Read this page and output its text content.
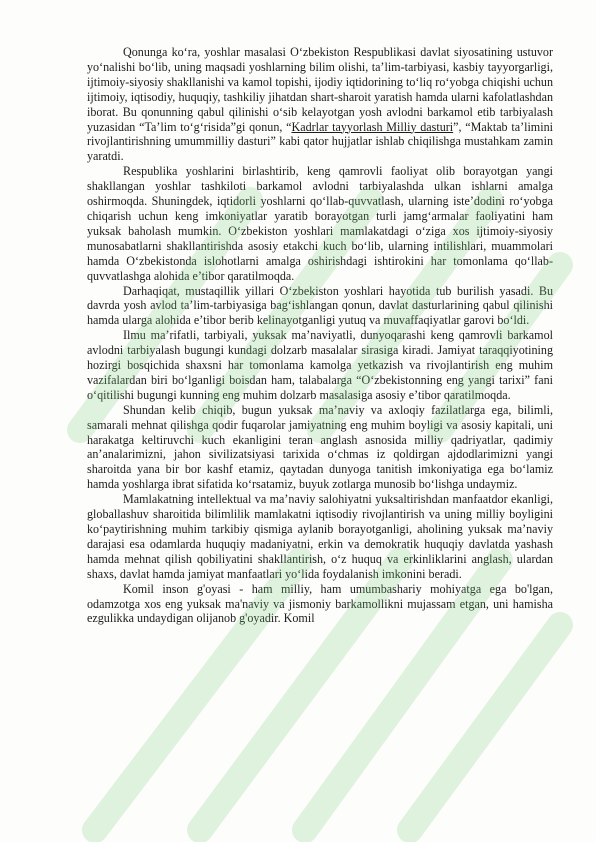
Qonunga ko‘ra, yoshlar masalasi O‘zbekiston Respublikasi davlat siyosatining ustuvor yo‘nalishi bo‘lib, uning maqsadi yoshlarning bilim olishi, ta’lim-tarbiyasi, kasbiy tayyorgarligi, ijtimoiy-siyosiy shakllanishi va kamol topishi, ijodiy iqtidorining to‘liq ro‘yobga chiqishi uchun ijtimoiy, iqtisodiy, huquqiy, tashkiliy jihatdan shart-sharoit yaratish hamda ularni kafolatlashdan iborat. Bu qonunning qabul qilinishi o‘sib kelayotgan yosh avlodni barkamol etib tarbiyalash yuzasidan “Ta’lim to‘g‘risida”gi qonun, “Kadrlar tayyorlash Milliy dasturi”, “Maktab ta’limini rivojlantirishning umummilliy dasturi” kabi qator hujjatlar ishlab chiqilishga mustahkam zamin yaratdi.

Respublika yoshlarini birlashtirib, keng qamrovli faoliyat olib borayotgan yangi shakllangan yoshlar tashkiloti barkamol avlodni tarbiyalashda ulkan ishlarni amalga oshirmoqda. Shuningdek, iqtidorli yoshlarni qo‘llab-quvvatlash, ularning iste’dodini ro‘yobga chiqarish uchun keng imkoniyatlar yaratib borayotgan turli jamg‘armalar faoliyatini ham yuksak baholash mumkin. O‘zbekiston yoshlari mamlakatdagi o‘ziga xos ijtimoiy-siyosiy munosabatlarni shakllantirishda asosiy etakchi kuch bo‘lib, ularning intilishlari, muammolari hamda O‘zbekistonda islohotlarni amalga oshirishdagi ishtirokini har tomonlama qo‘llab-quvvatlashga alohida e’tibor qaratilmoqda.

Darhaqiqat, mustaqillik yillari O‘zbekiston yoshlari hayotida tub burilish yasadi. Bu davrda yosh avlod ta’lim-tarbiyasiga bag‘ishlangan qonun, davlat dasturlarining qabul qilinishi hamda ularga alohida e’tibor berib kelinayotganligi yutuq va muvaffaqiyatlar garovi bo‘ldi.

Ilmu ma’rifatli, tarbiyali, yuksak ma’naviyatli, dunyoqarashi keng qamrovli barkamol avlodni tarbiyalash bugungi kundagi dolzarb masalalar sirasiga kiradi. Jamiyat taraqqiyotining hozirgi bosqichida shaxsni har tomonlama kamolga yetkazish va rivojlantirish eng muhim vazifalardan biri bo‘lganligi boisdan ham, talabalarga “O‘zbekistonning eng yangi tarixi” fani o‘qitilishi bugungi kunning eng muhim dolzarb masalasiga asosiy e’tibor qaratilmoqda.

Shundan kelib chiqib, bugun yuksak ma’naviy va axloqiy fazilatlarga ega, bilimli, samarali mehnat qilishga qodir fuqarolar jamiyatning eng muhim boyligi va asosiy kapitali, uni harakatga keltiruvchi kuch ekanligini teran anglash asnosida milliy qadriyatlar, qadimiy an’analarimizni, jahon sivilizatsiyasi tarixida o‘chmas iz qoldirgan ajdodlarimizni yangi sharoitda yana bir bor kashf etamiz, qaytadan dunyoga tanitish imkoniyatiga ega bo‘lamiz hamda yoshlarga ibrat sifatida ko‘rsatamiz, buyuk zotlarga munosib bo‘lishga undaymiz.

Mamlakatning intellektual va ma’naviy salohiyatni yuksaltirishdan manfaatdor ekanligi, globallashuv sharoitida bilimlilik mamlakatni iqtisodiy rivojlantirish va uning milliy boyligini ko‘paytirishning muhim tarkibiy qismiga aylanib borayotganligi, aholining yuksak ma’naviy darajasi esa odamlarda huquqiy madaniyatni, erkin va demokratik huquqiy davlatda yashash hamda mehnat qilish qobiliyatini shakllantirish, o‘z huquq va erkinliklarini anglash, ulardan shaxs, davlat hamda jamiyat manfaatlari yo‘lida foydalanish imkonini beradi.

Komil inson g'oyasi - ham milliy, ham umumbashariy mohiyatga ega bo'lgan, odamzotga xos eng yuksak ma'naviy va jismoniy barkamollikni mujassam etgan, uni hamisha ezgulikka undaydigan olijanob g'oyadir. Komil
